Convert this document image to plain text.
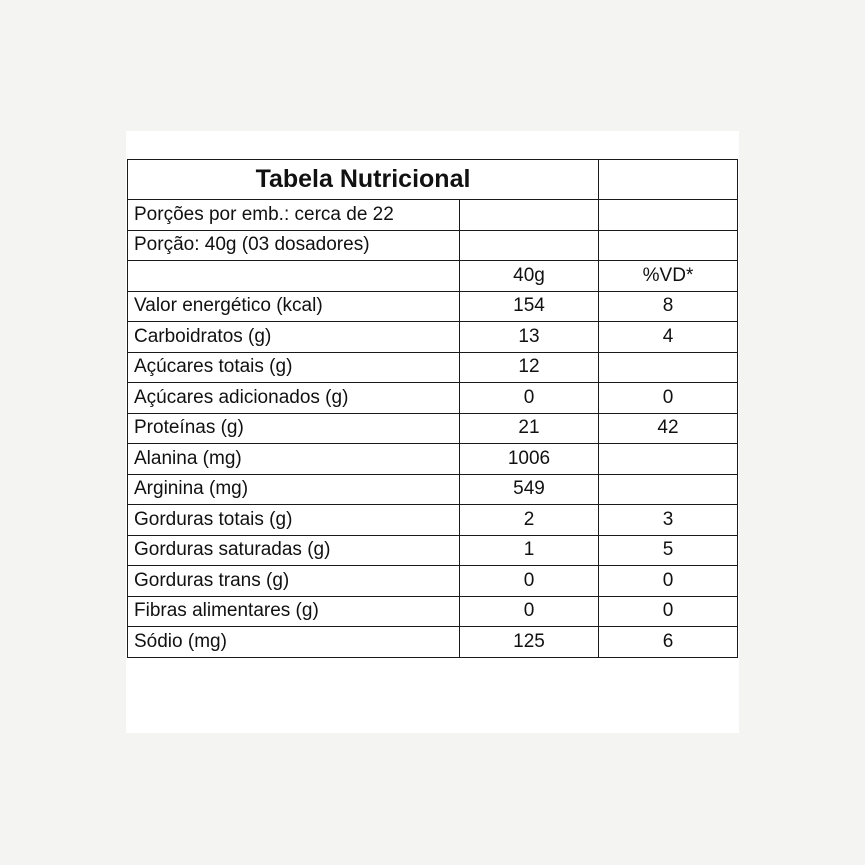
Tabela Nutricional		
Porções por emb.: cerca de 22		
Porção: 40g (03 dosadores)		
	40g	%VD*
Valor energético (kcal)	154	8
Carboidratos (g)	13	4
Açúcares totais (g)	12	
Açúcares adicionados (g)	0	0
Proteínas (g)	21	42
Alanina (mg)	1006	
Arginina (mg)	549	
Gorduras totais (g)	2	3
Gorduras saturadas (g)	1	5
Gorduras trans (g)	0	0
Fibras alimentares (g)	0	0
Sódio (mg)	125	6
